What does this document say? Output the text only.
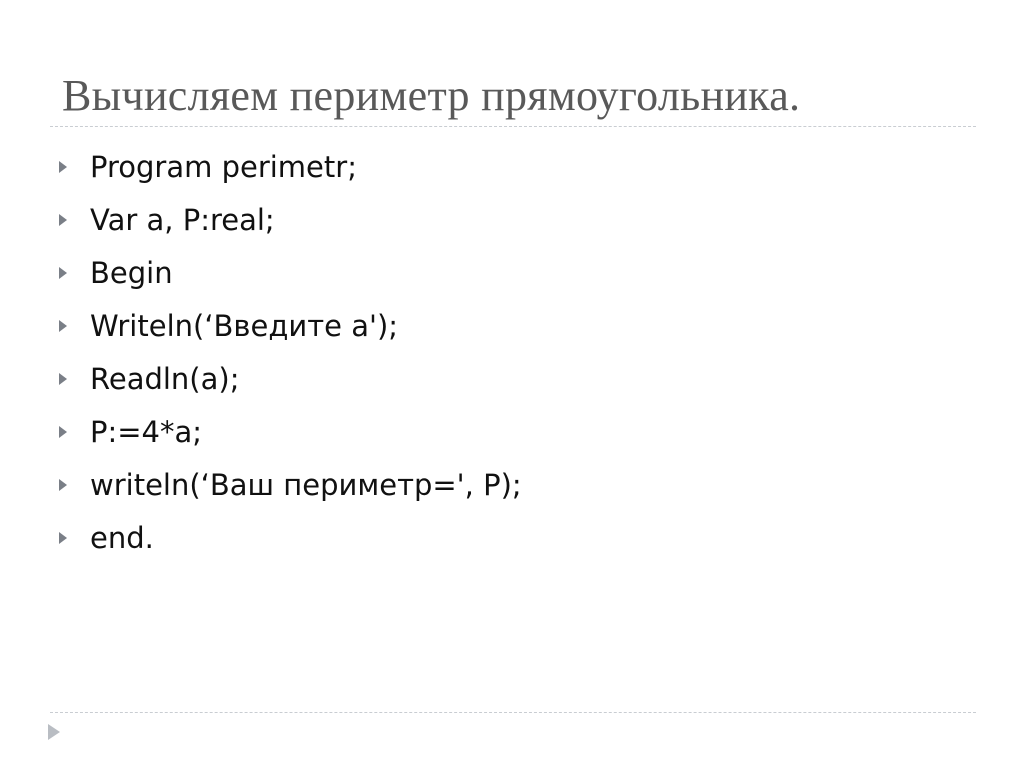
Вычисляем периметр прямоугольника.
Program perimetr;
Var a, P:real;
Begin
Writeln(‘Введите a');
Readln(a);
P:=4*a;
writeln(‘Ваш периметр=', P);
end.
